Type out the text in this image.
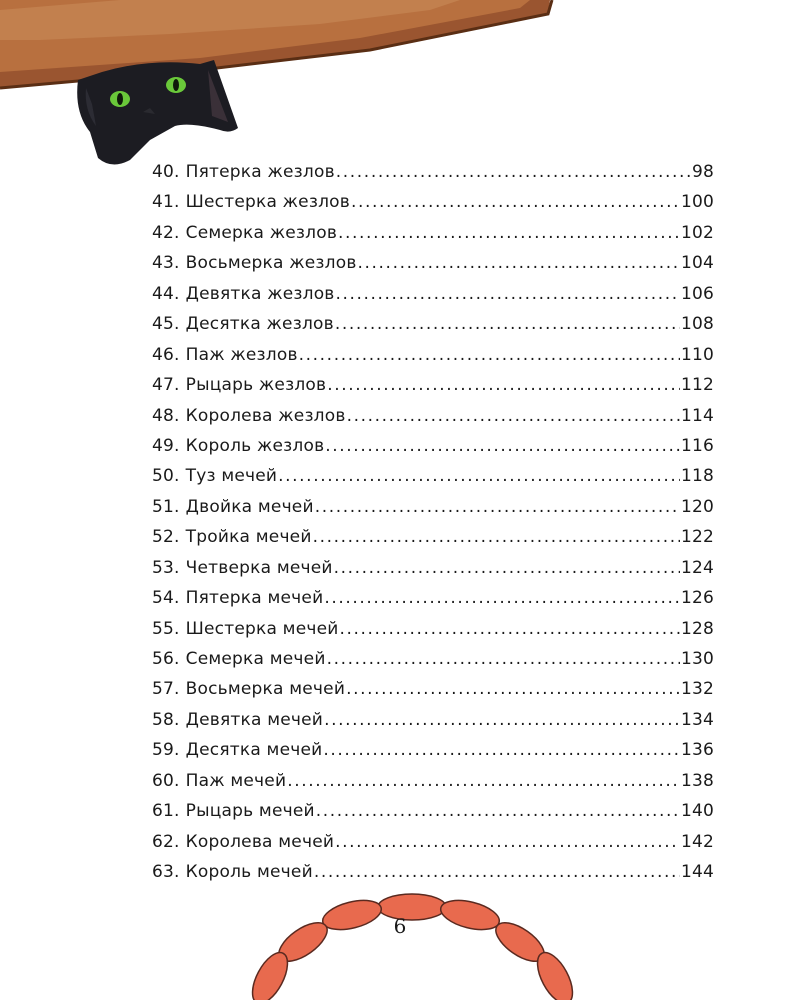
40. Пятерка жезлов .....	98
41. Шестерка жезлов .....	100
42. Семерка жезлов .....	102
43. Восьмерка жезлов .....	104
44. Девятка жезлов .....	106
45. Десятка жезлов .....	108
46. Паж жезлов .....	110
47. Рыцарь жезлов .....	112
48. Королева жезлов .....	114
49. Король жезлов .....	116
50. Туз мечей .....	118
51. Двойка мечей .....	120
52. Тройка мечей .....	122
53. Четверка мечей .....	124
54. Пятерка мечей .....	126
55. Шестерка мечей .....	128
56. Семерка мечей .....	130
57. Восьмерка мечей .....	132
58. Девятка мечей .....	134
59. Десятка мечей .....	136
60. Паж мечей .....	138
61. Рыцарь мечей .....	140
62. Королева мечей .....	142
63. Король мечей .....	144
6
